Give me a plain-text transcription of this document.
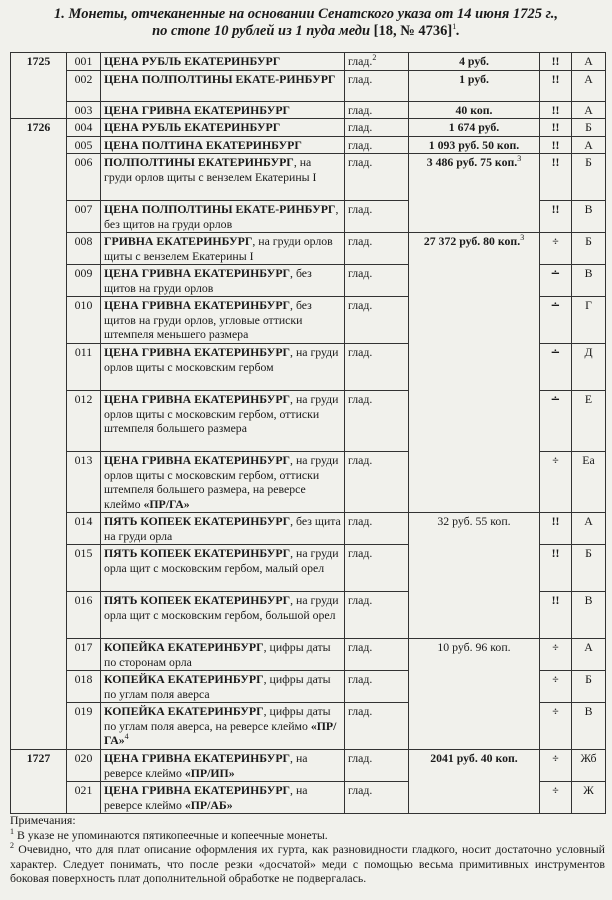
1. Монеты, отчеканенные на основании Сенатского указа от 14 июня 1725 г.,
по стопе 10 рублей из 1 пуда меди [18, № 4736]$^1$.
1725	001	ЦЕНА РУБЛЬ ЕКАТЕРИНБУРГ	глад.$^2$	4 руб.	!!	А
	002	ЦЕНА ПОЛПОЛТИНЫ ЕКАТЕ-РИНБУРГ	глад.	1 руб.	!!	А
	003	ЦЕНА ГРИВНА ЕКАТЕРИНБУРГ	глад.	40 коп.	!!	А
1726	004	ЦЕНА РУБЛЬ ЕКАТЕРИНБУРГ	глад.	1 674 руб.	!!	Б
	005	ЦЕНА ПОЛТИНА ЕКАТЕРИНБУРГ	глад.	1 093 руб. 50 коп.	!!	А
	006	ПОЛПОЛТИНЫ ЕКАТЕРИНБУРГ, на груди орлов щиты с вензелем Екатерины I	глад.	3 486 руб. 75 коп.$^3$	!!	Б
	007	ЦЕНА ПОЛПОЛТИНЫ ЕКАТЕ-РИНБУРГ, без щитов на груди орлов	глад.		!!	В
	008	ГРИВНА ЕКАТЕРИНБУРГ, на груди орлов щиты с вензелем Екатерины I	глад.	27 372 руб. 80 коп.$^3$	÷	Б
	009	ЦЕНА ГРИВНА ЕКАТЕРИНБУРГ, без щитов на груди орлов	глад.		∸	В
	010	ЦЕНА ГРИВНА ЕКАТЕРИНБУРГ, без щитов на груди орлов, угловые оттиски штемпеля меньшего размера	глад.		∸	Г
	011	ЦЕНА ГРИВНА ЕКАТЕРИНБУРГ, на груди орлов щиты с московским гербом	глад.		∸	Д
	012	ЦЕНА ГРИВНА ЕКАТЕРИНБУРГ, на груди орлов щиты с московским гербом, оттиски штемпеля большего размера	глад.		∸	Е
	013	ЦЕНА ГРИВНА ЕКАТЕРИНБУРГ, на груди орлов щиты с московским гербом, оттиски штемпеля большего размера, на реверсе клеймо «ПР/ГА»	глад.		÷	Еа
	014	ПЯТЬ КОПЕЕК ЕКАТЕРИНБУРГ, без щита на груди орла	глад.	32 руб. 55 коп.	!!	А
	015	ПЯТЬ КОПЕЕК ЕКАТЕРИНБУРГ, на груди орла щит с московским гербом, малый орел	глад.		!!	Б
	016	ПЯТЬ КОПЕЕК ЕКАТЕРИНБУРГ, на груди орла щит с московским гербом, большой орел	глад.		!!	В
	017	КОПЕЙКА ЕКАТЕРИНБУРГ, цифры даты по сторонам орла	глад.	10 руб. 96 коп.	÷	А
	018	КОПЕЙКА ЕКАТЕРИНБУРГ, цифры даты по углам поля аверса	глад.		÷	Б
	019	КОПЕЙКА ЕКАТЕРИНБУРГ, цифры даты по углам поля аверса, на реверсе клеймо «ПР/ГА»$^4$	глад.		÷	В
1727	020	ЦЕНА ГРИВНА ЕКАТЕРИНБУРГ, на реверсе клеймо «ПР/ИП»	глад.	2041 руб. 40 коп.	÷	Жб
	021	ЦЕНА ГРИВНА ЕКАТЕРИНБУРГ, на реверсе клеймо «ПР/АБ»	глад.		÷	Ж

Примечания:

$^1$ В указе не упоминаются пятикопеечные и копеечные монеты.

$^2$ Очевидно, что для плат описание оформления их гурта, как разновидности гладкого, носит достаточно условный характер. Следует понимать, что после резки «досчатой» меди с помощью весьма примитивных инструментов боковая поверхность плат дополнительной обработке не подвергалась.
